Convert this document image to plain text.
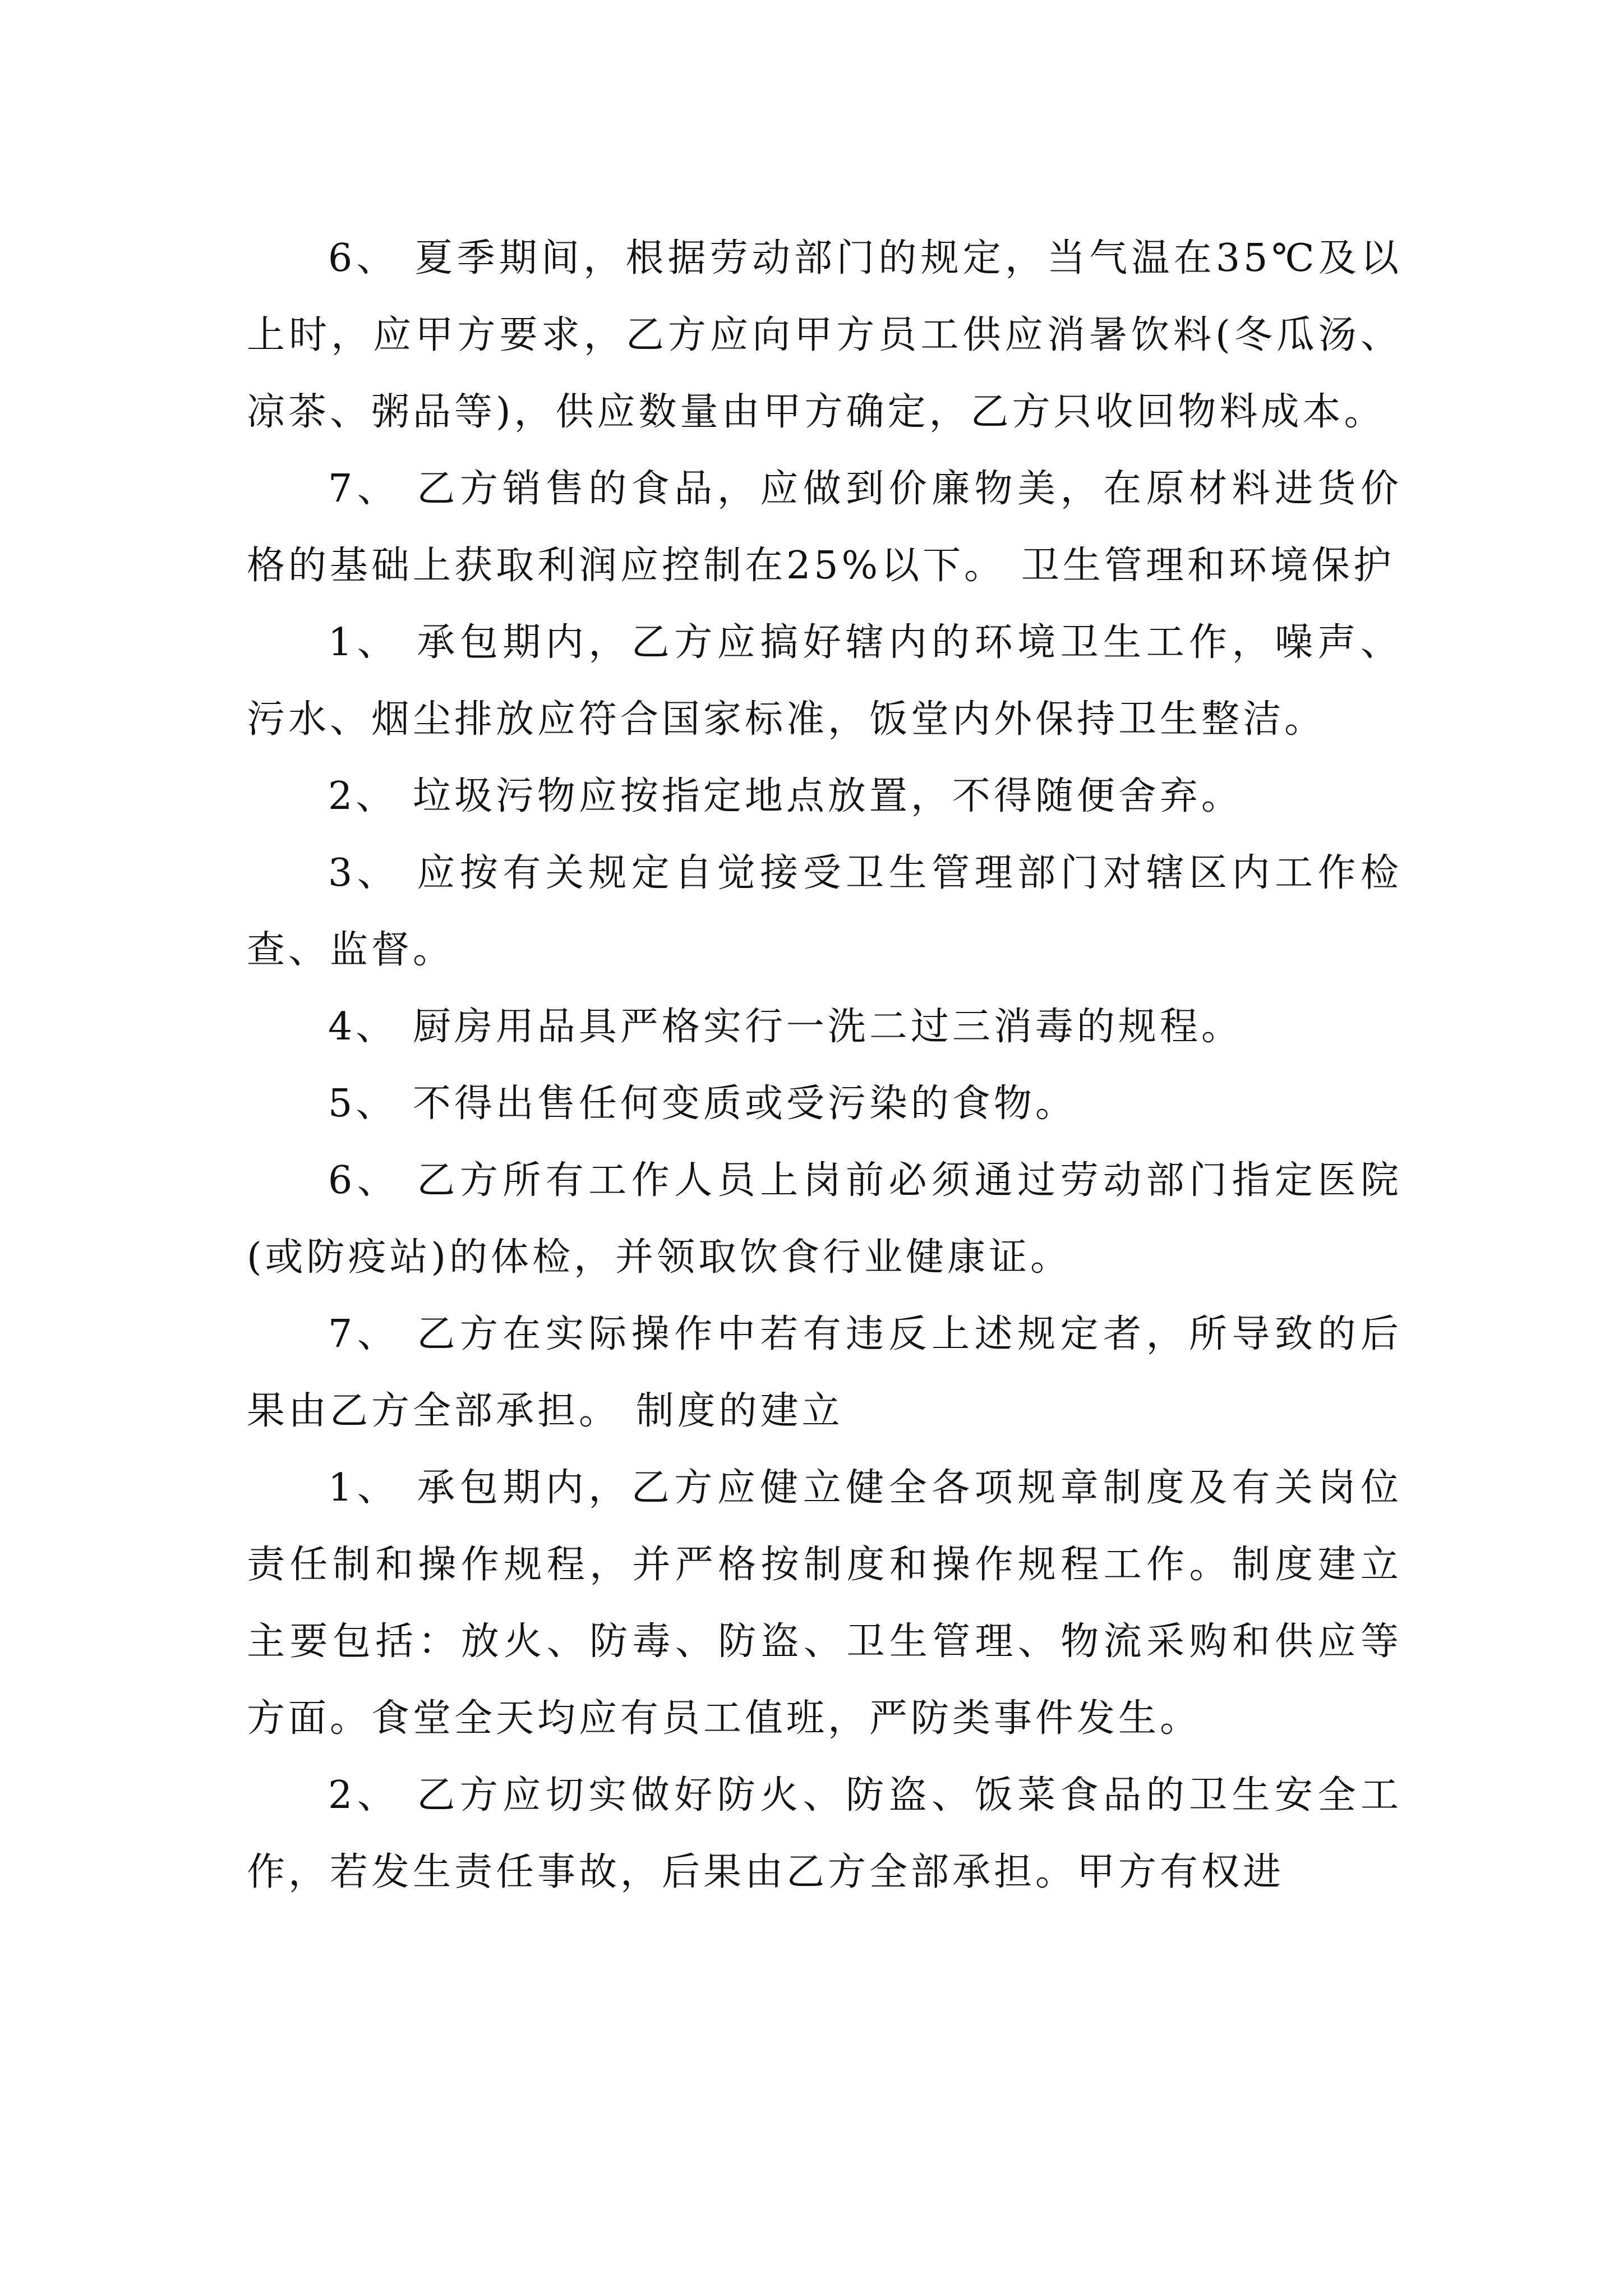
6、 夏季期间，根据劳动部门的规定，当气温在35℃及以上时，应甲方要求，乙方应向甲方员工供应消暑饮料(冬瓜汤、凉茶、粥品等)，供应数量由甲方确定，乙方只收回物料成本。

7、 乙方销售的食品，应做到价廉物美，在原材料进货价格的基础上获取利润应控制在25%以下。 卫生管理和环境保护

1、 承包期内，乙方应搞好辖内的环境卫生工作，噪声、污水、烟尘排放应符合国家标准，饭堂内外保持卫生整洁。

2、 垃圾污物应按指定地点放置，不得随便舍弃。

3、 应按有关规定自觉接受卫生管理部门对辖区内工作检查、监督。

4、 厨房用品具严格实行一洗二过三消毒的规程。

5、 不得出售任何变质或受污染的食物。

6、 乙方所有工作人员上岗前必须通过劳动部门指定医院(或防疫站)的体检，并领取饮食行业健康证。

7、 乙方在实际操作中若有违反上述规定者，所导致的后果由乙方全部承担。 制度的建立

1、 承包期内，乙方应健立健全各项规章制度及有关岗位责任制和操作规程，并严格按制度和操作规程工作。制度建立主要包括：放火、防毒、防盗、卫生管理、物流采购和供应等方面。食堂全天均应有员工值班，严防类事件发生。

2、 乙方应切实做好防火、防盗、饭菜食品的卫生安全工作，若发生责任事故，后果由乙方全部承担。甲方有权进
